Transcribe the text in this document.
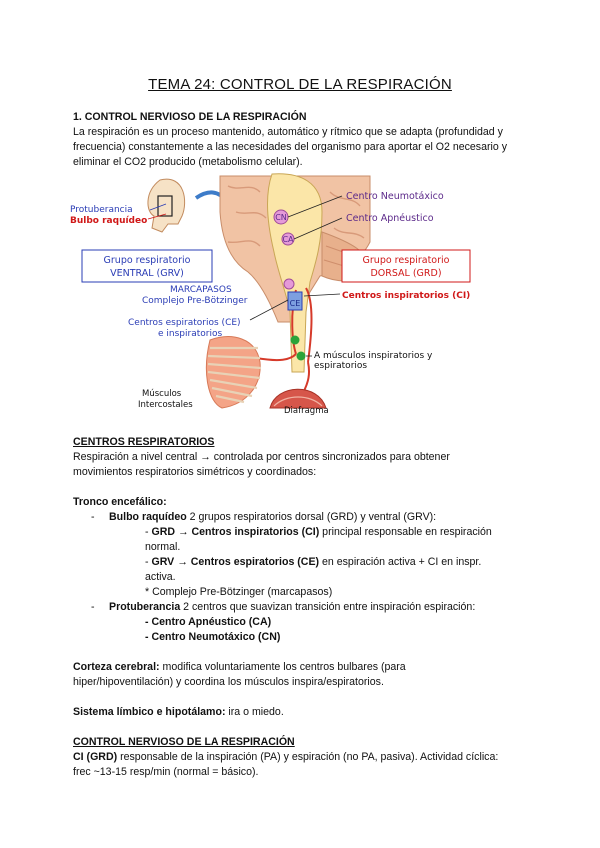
TEMA 24: CONTROL DE LA RESPIRACIÓN
1. CONTROL NERVIOSO DE LA RESPIRACIÓN
La respiración es un proceso mantenido, automático y rítmico que se adapta (profundidad y
frecuencia) constantemente a las necesidades del organismo para aportar el O2 necesario y
eliminar el CO2 producido (metabolismo celular).
CN
CA
CE
Protuberancia
Bulbo raquídeo
Centro Neumotáxico
Centro Apnéustico
Grupo respiratorio
VENTRAL (GRV)
Grupo respiratorio
DORSAL (GRD)
MARCAPASOS
Complejo Pre-Bötzinger	Centros inspiratorios (CI)
Centros espiratorios (CE)
e inspiratorios
A músculos inspiratorios y
espiratorios
Músculos
Intercostales
Diafragma
CENTROS RESPIRATORIOS
Respiración a nivel central → controlada por centros sincronizados para obtener
movimientos respiratorios simétricos y coordinados:
Tronco encefálico:
- Bulbo raquídeo 2 grupos respiratorios dorsal (GRD) y ventral (GRV):
- GRD → Centros inspiratorios (CI) principal responsable en respiración
normal.
- GRV → Centros espiratorios (CE) en espiración activa + CI en inspr.
activa.
* Complejo Pre-Bötzinger (marcapasos)
- Protuberancia 2 centros que suavizan transición entre inspiración espiración:
- Centro Apnéustico (CA)
- Centro Neumotáxico (CN)
Corteza cerebral: modifica voluntariamente los centros bulbares (para
hiper/hipoventilación) y coordina los músculos inspira/espiratorios.
Sistema límbico e hipotálamo: ira o miedo.
CONTROL NERVIOSO DE LA RESPIRACIÓN
CI (GRD) responsable de la inspiración (PA) y espiración (no PA, pasiva). Actividad cíclica:
frec ~13-15 resp/min (normal = básico).
